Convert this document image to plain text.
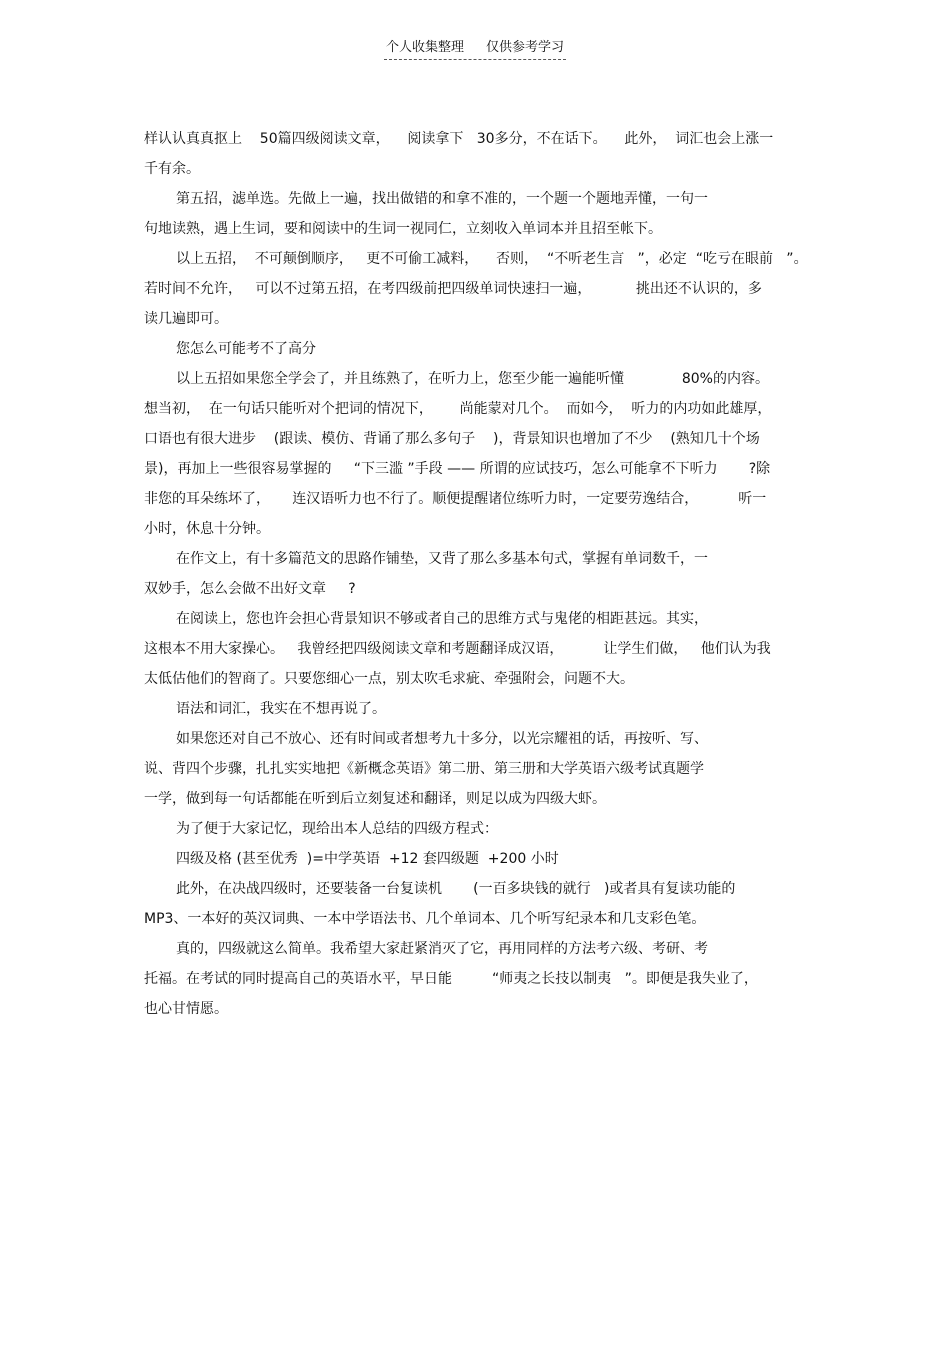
个人收集整理 仅供参考学习

样认认真真抠上    50篇四级阅读文章，    阅读拿下   30多分，不在话下。    此外，  词汇也会上涨一

千有余。

第五招，滤单选。先做上一遍，找出做错的和拿不准的，一个题一个题地弄懂，一句一

句地读熟，遇上生词，要和阅读中的生词一视同仁，立刻收入单词本并且招至帐下。

以上五招，  不可颠倒顺序，   更不可偷工减料，    否则，  “不听老生言   ”，必定  “吃亏在眼前   ”。

若时间不允许，   可以不过第五招，在考四级前把四级单词快速扫一遍，          挑出还不认识的，多

读几遍即可。

您怎么可能考不了高分

以上五招如果您全学会了，并且练熟了，在听力上，您至少能一遍能听懂             80%的内容。

想当初，  在一句话只能听对个把词的情况下，      尚能蒙对几个。  而如今，  听力的内功如此雄厚，

口语也有很大进步    (跟读、模仿、背诵了那么多句子    )，背景知识也增加了不少    (熟知几十个场

景)，再加上一些很容易掌握的     “下三滥 ”手段 —— 所谓的应试技巧，怎么可能拿不下听力       ?除

非您的耳朵练坏了，     连汉语听力也不行了。顺便提醒诸位练听力时，一定要劳逸结合，         听一

小时，休息十分钟。

在作文上，有十多篇范文的思路作铺垫，又背了那么多基本句式，掌握有单词数千，一

双妙手，怎么会做不出好文章     ?

在阅读上，您也许会担心背景知识不够或者自己的思维方式与鬼佬的相距甚远。其实，

这根本不用大家操心。   我曾经把四级阅读文章和考题翻译成汉语，         让学生们做，   他们认为我

太低估他们的智商了。只要您细心一点，别太吹毛求疵、牵强附会，问题不大。

语法和词汇，我实在不想再说了。

如果您还对自己不放心、还有时间或者想考九十多分，以光宗耀祖的话，再按听、写、

说、背四个步骤，扎扎实实地把《新概念英语》第二册、第三册和大学英语六级考试真题学

一学，做到每一句话都能在听到后立刻复述和翻译，则足以成为四级大虾。

为了便于大家记忆，现给出本人总结的四级方程式：

四级及格 (甚至优秀  )=中学英语  +12 套四级题  +200 小时

此外，在决战四级时，还要装备一台复读机       (一百多块钱的就行   )或者具有复读功能的

MP3、一本好的英汉词典、一本中学语法书、几个单词本、几个听写纪录本和几支彩色笔。

真的，四级就这么简单。我希望大家赶紧消灭了它，再用同样的方法考六级、考研、考

托福。在考试的同时提高自己的英语水平，早日能         “师夷之长技以制夷   ”。即便是我失业了，

也心甘情愿。
